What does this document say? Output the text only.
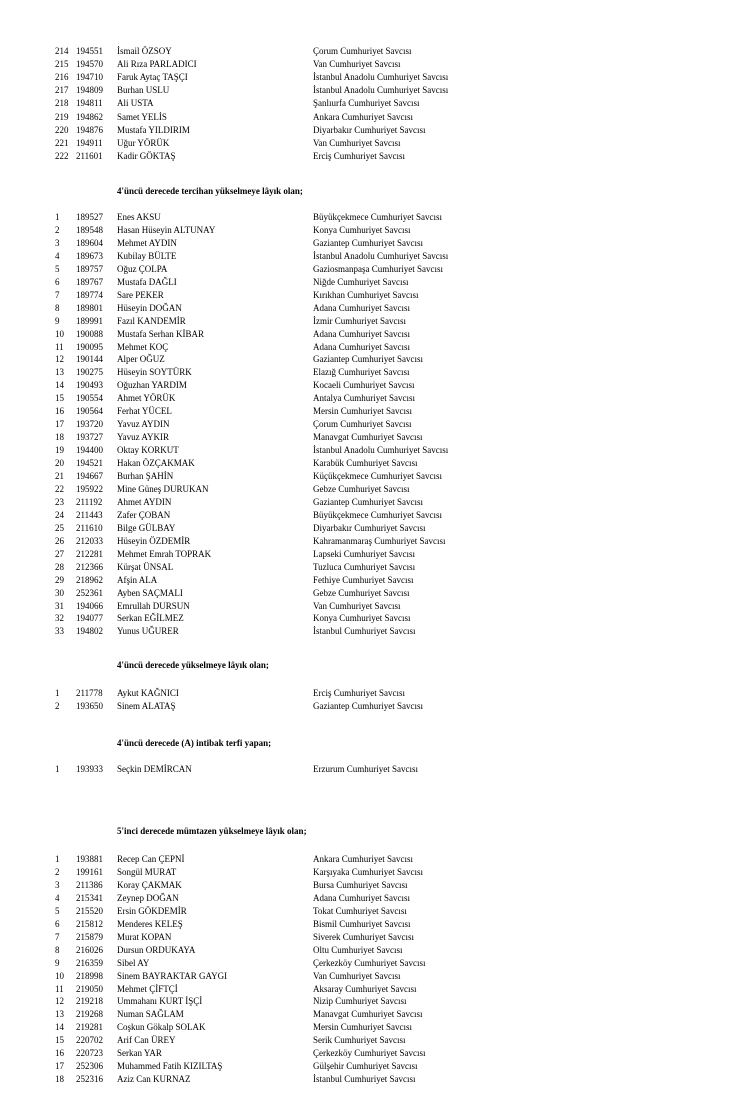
214 194551	İsmail ÖZSOY	Çorum Cumhuriyet Savcısı
215 194570	Ali Rıza PARLADICI	Van Cumhuriyet Savcısı
216 194710	Faruk Aytaç TAŞÇI	İstanbul Anadolu Cumhuriyet Savcısı
217 194809	Burhan USLU	İstanbul Anadolu Cumhuriyet Savcısı
218 194811	Ali USTA	Şanlıurfa Cumhuriyet Savcısı
219 194862	Samet YELİS	Ankara Cumhuriyet Savcısı
220 194876	Mustafa YILDIRIM	Diyarbakır Cumhuriyet Savcısı
221 194911	Uğur YÖRÜK	Van Cumhuriyet Savcısı
222 211601	Kadir GÖKTAŞ	Erciş Cumhuriyet Savcısı
4'üncü derecede tercihan yükselmeye lâyık olan;
1	189527	Enes AKSU	Büyükçekmece Cumhuriyet Savcısı
2	189548	Hasan Hüseyin ALTUNAY	Konya Cumhuriyet Savcısı
3	189604	Mehmet AYDIN	Gaziantep Cumhuriyet Savcısı
4	189673	Kubilay BÜLTE	İstanbul Anadolu Cumhuriyet Savcısı
5	189757	Oğuz ÇOLPA	Gaziosmanpaşa Cumhuriyet Savcısı
6	189767	Mustafa DAĞLI	Niğde Cumhuriyet Savcısı
7	189774	Sare PEKER	Kırıkhan Cumhuriyet Savcısı
8	189801	Hüseyin DOĞAN	Adana Cumhuriyet Savcısı
9	189991	Fazıl KANDEMİR	İzmir Cumhuriyet Savcısı
10	190088	Mustafa Serhan KİBAR	Adana Cumhuriyet Savcısı
11	190095	Mehmet KOÇ	Adana Cumhuriyet Savcısı
12	190144	Alper OĞUZ	Gaziantep Cumhuriyet Savcısı
13	190275	Hüseyin SOYTÜRK	Elazığ Cumhuriyet Savcısı
14	190493	Oğuzhan YARDIM	Kocaeli Cumhuriyet Savcısı
15	190554	Ahmet YÖRÜK	Antalya Cumhuriyet Savcısı
16	190564	Ferhat YÜCEL	Mersin Cumhuriyet Savcısı
17	193720	Yavuz AYDIN	Çorum Cumhuriyet Savcısı
18	193727	Yavuz AYKIR	Manavgat Cumhuriyet Savcısı
19	194400	Oktay KORKUT	İstanbul Anadolu Cumhuriyet Savcısı
20	194521	Hakan ÖZÇAKMAK	Karabük Cumhuriyet Savcısı
21	194667	Burhan ŞAHİN	Küçükçekmece Cumhuriyet Savcısı
22	195922	Mine Güneş DURUKAN	Gebze Cumhuriyet Savcısı
23	211192	Ahmet AYDIN	Gaziantep Cumhuriyet Savcısı
24	211443	Zafer ÇOBAN	Büyükçekmece Cumhuriyet Savcısı
25	211610	Bilge GÜLBAY	Diyarbakır Cumhuriyet Savcısı
26	212033	Hüseyin ÖZDEMİR	Kahramanmaraş Cumhuriyet Savcısı
27	212281	Mehmet Emrah TOPRAK	Lapseki Cumhuriyet Savcısı
28	212366	Kürşat ÜNSAL	Tuzluca Cumhuriyet Savcısı
29	218962	Afşin ALA	Fethiye Cumhuriyet Savcısı
30	252361	Ayben SAÇMALI	Gebze Cumhuriyet Savcısı
31	194066	Emrullah DURSUN	Van Cumhuriyet Savcısı
32	194077	Serkan EĞİLMEZ	Konya Cumhuriyet Savcısı
33	194802	Yunus UĞURER	İstanbul Cumhuriyet Savcısı
4'üncü derecede yükselmeye lâyık olan;
1	211778	Aykut KAĞNICI	Erciş Cumhuriyet Savcısı
2	193650	Sinem ALATAŞ	Gaziantep Cumhuriyet Savcısı
4'üncü derecede (A) intibak terfi yapan;
1	193933	Seçkin DEMİRCAN	Erzurum Cumhuriyet Savcısı
5'inci derecede mümtazen yükselmeye lâyık olan;
1	193881	Recep Can ÇEPNİ	Ankara Cumhuriyet Savcısı
2	199161	Songül MURAT	Karşıyaka Cumhuriyet Savcısı
3	211386	Koray ÇAKMAK	Bursa Cumhuriyet Savcısı
4	215341	Zeynep DOĞAN	Adana Cumhuriyet Savcısı
5	215520	Ersin GÖKDEMİR	Tokat Cumhuriyet Savcısı
6	215812	Menderes KELEŞ	Bismil Cumhuriyet Savcısı
7	215879	Murat KOPAN	Siverek Cumhuriyet Savcısı
8	216026	Dursun ORDUKAYA	Oltu Cumhuriyet Savcısı
9	216359	Sibel AY	Çerkezköy Cumhuriyet Savcısı
10	218998	Sinem BAYRAKTAR GAYGI	Van Cumhuriyet Savcısı
11	219050	Mehmet ÇİFTÇİ	Aksaray Cumhuriyet Savcısı
12	219218	Ummahanı KURT İŞÇİ	Nizip Cumhuriyet Savcısı
13	219268	Numan SAĞLAM	Manavgat Cumhuriyet Savcısı
14	219281	Coşkun Gökalp SOLAK	Mersin Cumhuriyet Savcısı
15	220702	Arif Can ÜREY	Serik Cumhuriyet Savcısı
16	220723	Serkan YAR	Çerkezköy Cumhuriyet Savcısı
17	252306	Muhammed Fatih KIZILTAŞ	Gülşehir Cumhuriyet Savcısı
18	252316	Aziz Can KURNAZ	İstanbul Cumhuriyet Savcısı
